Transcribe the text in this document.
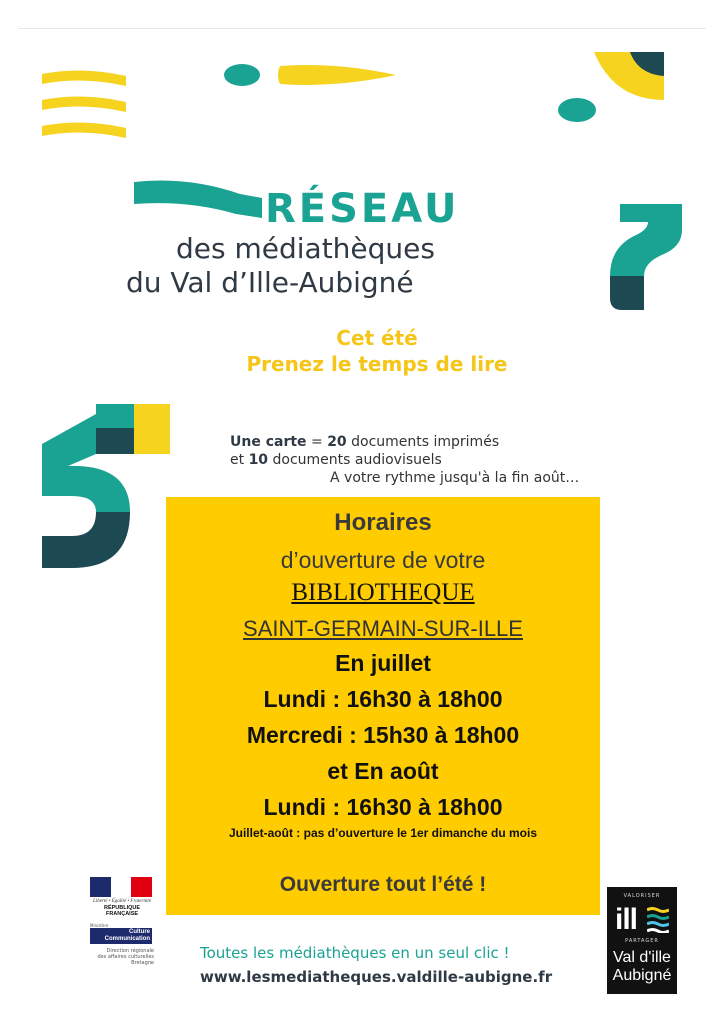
RÉSEAU
des médiathèques
du Val d’Ille-Aubigné
Cet été
Prenez le temps de lire
Une carte = 20 documents imprimés
et 10 documents audiovisuels
A votre rythme jusqu'à la fin août…
Horaires
d’ouverture de votre
BIBLIOTHEQUE
SAINT-GERMAIN-SUR-ILLE
En juillet
Lundi : 16h30 à 18h00
Mercredi : 15h30 à 18h00
et En août
Lundi : 16h30 à 18h00
Juillet-août : pas d’ouverture le 1er dimanche du mois
Ouverture tout l’été !
Liberté • Égalité • Fraternité
RÉPUBLIQUE FRANÇAISE
Ministère
Culture
Communication
Direction régionale
des affaires culturelles
Bretagne
Toutes les médiathèques en un seul clic !
www.lesmediatheques.valdille-aubigne.fr
VALORISER
ill
PARTAGER
Val d'ille
Aubigné
